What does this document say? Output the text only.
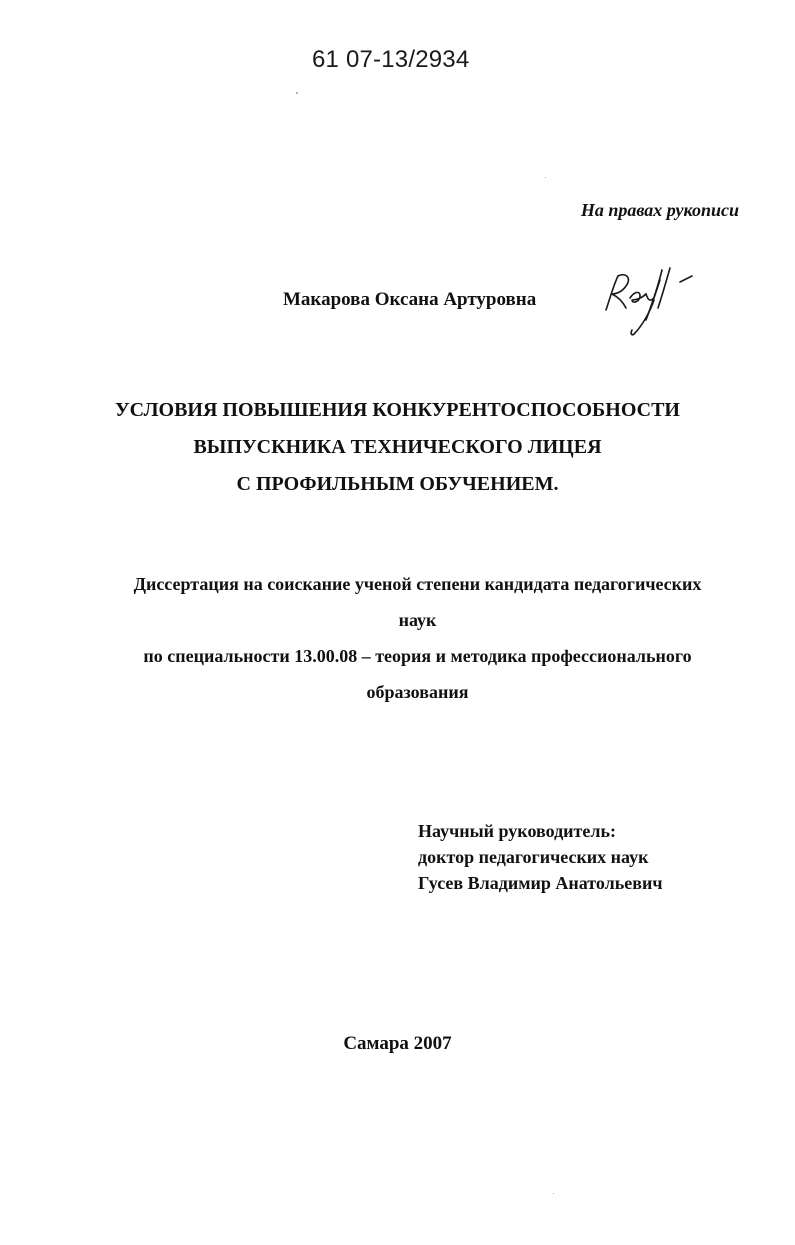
61 07-13/2934
На правах рукописи
Макарова Оксана Артуровна
УСЛОВИЯ ПОВЫШЕНИЯ КОНКУРЕНТОСПОСОБНОСТИ
ВЫПУСКНИКА ТЕХНИЧЕСКОГО ЛИЦЕЯ
С ПРОФИЛЬНЫМ ОБУЧЕНИЕМ.
Диссертация на соискание ученой степени кандидата педагогических
наук
по специальности 13.00.08 – теория и методика профессионального
образования
Научный руководитель:
доктор педагогических наук
Гусев Владимир Анатольевич
Самара 2007
